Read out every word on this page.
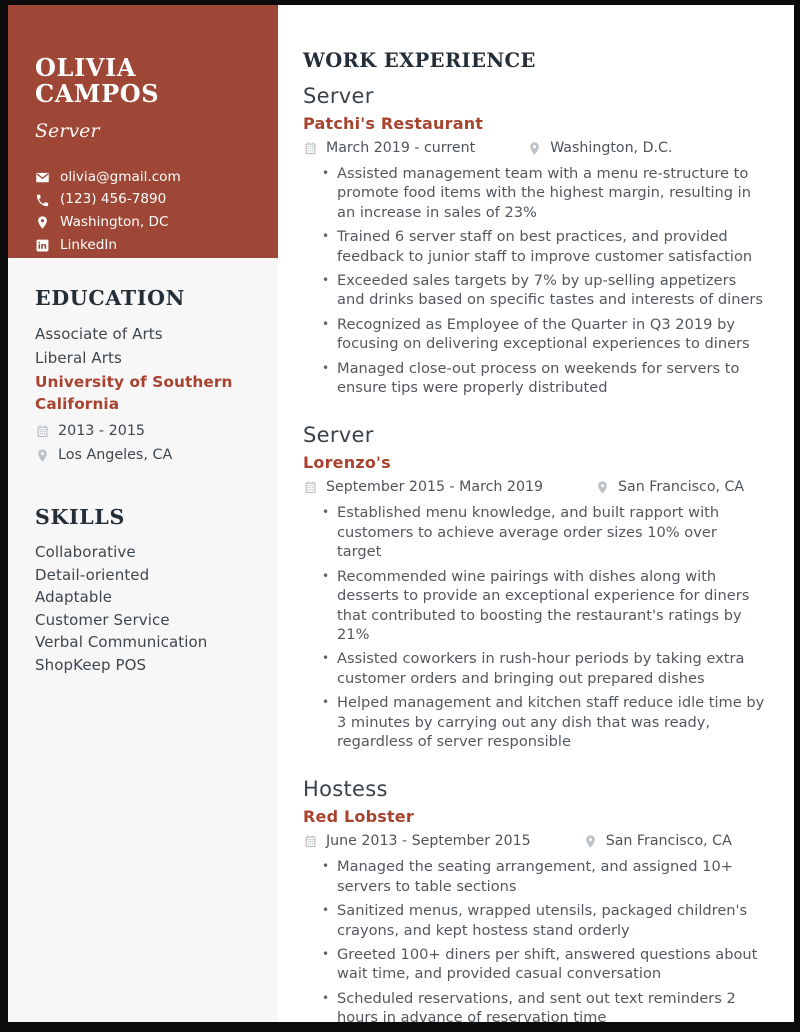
OLIVIA CAMPOS
Server
olivia@gmail.com
(123) 456-7890
Washington, DC
LinkedIn
EDUCATION
Associate of Arts
Liberal Arts
University of Southern California
2013 - 2015
Los Angeles, CA
SKILLS
Collaborative
Detail-oriented
Adaptable
Customer Service
Verbal Communication
ShopKeep POS
WORK EXPERIENCE
Server
Patchi's Restaurant
March 2019 - current	Washington, D.C.
• Assisted management team with a menu re-structure to promote food items with the highest margin, resulting in an increase in sales of 23%
• Trained 6 server staff on best practices, and provided feedback to junior staff to improve customer satisfaction
• Exceeded sales targets by 7% by up-selling appetizers and drinks based on specific tastes and interests of diners
• Recognized as Employee of the Quarter in Q3 2019 by focusing on delivering exceptional experiences to diners
• Managed close-out process on weekends for servers to ensure tips were properly distributed
Server
Lorenzo's
September 2015 - March 2019	San Francisco, CA
• Established menu knowledge, and built rapport with customers to achieve average order sizes 10% over target
• Recommended wine pairings with dishes along with desserts to provide an exceptional experience for diners that contributed to boosting the restaurant's ratings by 21%
• Assisted coworkers in rush-hour periods by taking extra customer orders and bringing out prepared dishes
• Helped management and kitchen staff reduce idle time by 3 minutes by carrying out any dish that was ready, regardless of server responsible
Hostess
Red Lobster
June 2013 - September 2015	San Francisco, CA
• Managed the seating arrangement, and assigned 10+ servers to table sections
• Sanitized menus, wrapped utensils, packaged children's crayons, and kept hostess stand orderly
• Greeted 100+ diners per shift, answered questions about wait time, and provided casual conversation
• Scheduled reservations, and sent out text reminders 2 hours in advance of reservation time
